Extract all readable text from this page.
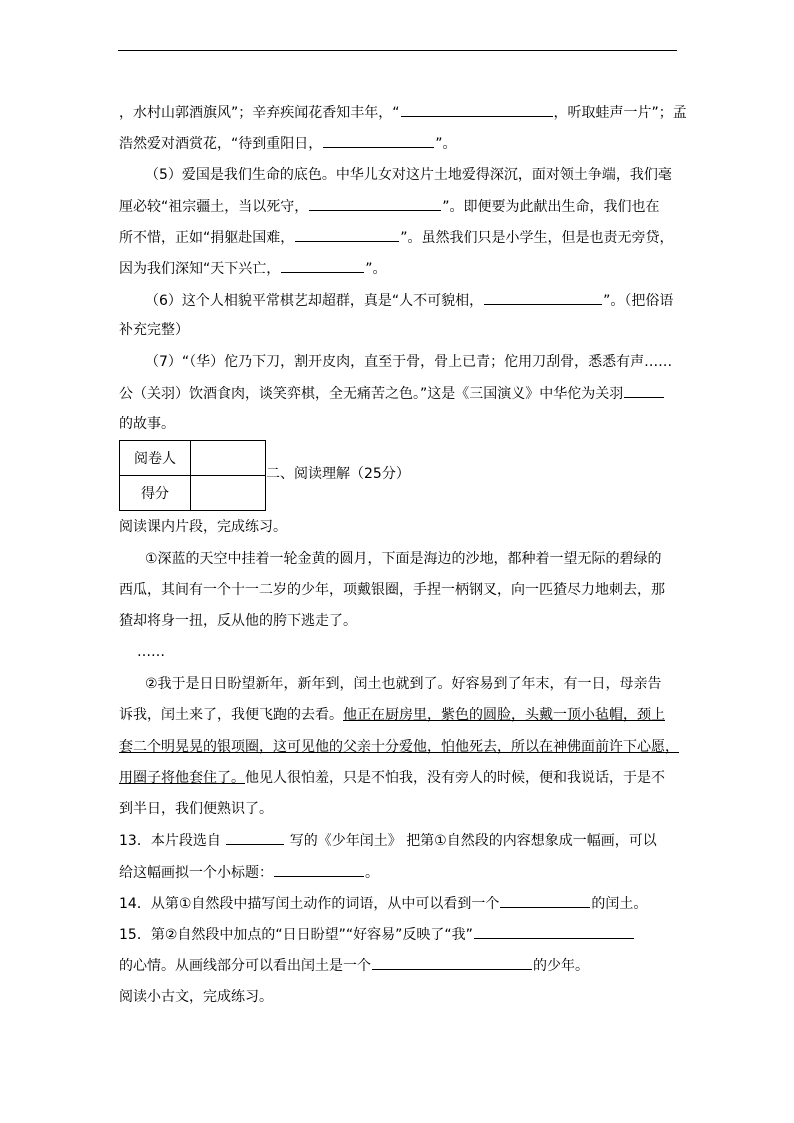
，水村山郭酒旗风”；辛弃疾闻花香知丰年，“	，听取蛙声一片”；孟
浩然爱对酒赏花，“待到重阳日，	”。
（5）爱国是我们生命的底色。中华儿女对这片土地爱得深沉，面对领土争端，我们毫
厘必较“祖宗疆土，当以死守，	”。即便要为此献出生命，我们也在
所不惜，正如“捐躯赴国难，	”。虽然我们只是小学生，但是也责无旁贷，
因为我们深知“天下兴亡，	”。
（6）这个人相貌平常棋艺却超群，真是“人不可貌相，	”。（把俗语
补充完整）
（7）“（华）佗乃下刀，割开皮肉，直至于骨，骨上已青；佗用刀刮骨，悉悉有声……
公（关羽）饮酒食肉，谈笑弈棋，全无痛苦之色。”这是《三国演义》中华佗为关羽
的故事。
阅卷人	
得分	
二、阅读理解（25分）
阅读课内片段，完成练习。
①深蓝的天空中挂着一轮金黄的圆月，下面是海边的沙地，都种着一望无际的碧绿的
西瓜，其间有一个十一二岁的少年，项戴银圈，手捏一柄钢叉，向一匹猹尽力地刺去，那
猹却将身一扭，反从他的胯下逃走了。
……
②我于是日日盼望新年，新年到，闰土也就到了。好容易到了年末，有一日，母亲告
诉我，闰土来了，我便飞跑的去看。他正在厨房里，紫色的圆脸，头戴一顶小毡帽，颈上
套二个明晃晃的银项圈，这可见他的父亲十分爱他，怕他死去，所以在神佛面前许下心愿，
用圈子将他套住了。他见人很怕羞，只是不怕我，没有旁人的时候，便和我说话，于是不
到半日，我们便熟识了。
13．本片段选自	写的《少年闰土》 把第①自然段的内容想象成一幅画，可以
给这幅画拟一个小标题：	。
14．从第①自然段中描写闰土动作的词语，从中可以看到一个	的闰土。
15．第②自然段中加点的“日日盼望”“好容易”反映了“我”
的心情。从画线部分可以看出闰土是一个	的少年。
阅读小古文，完成练习。
